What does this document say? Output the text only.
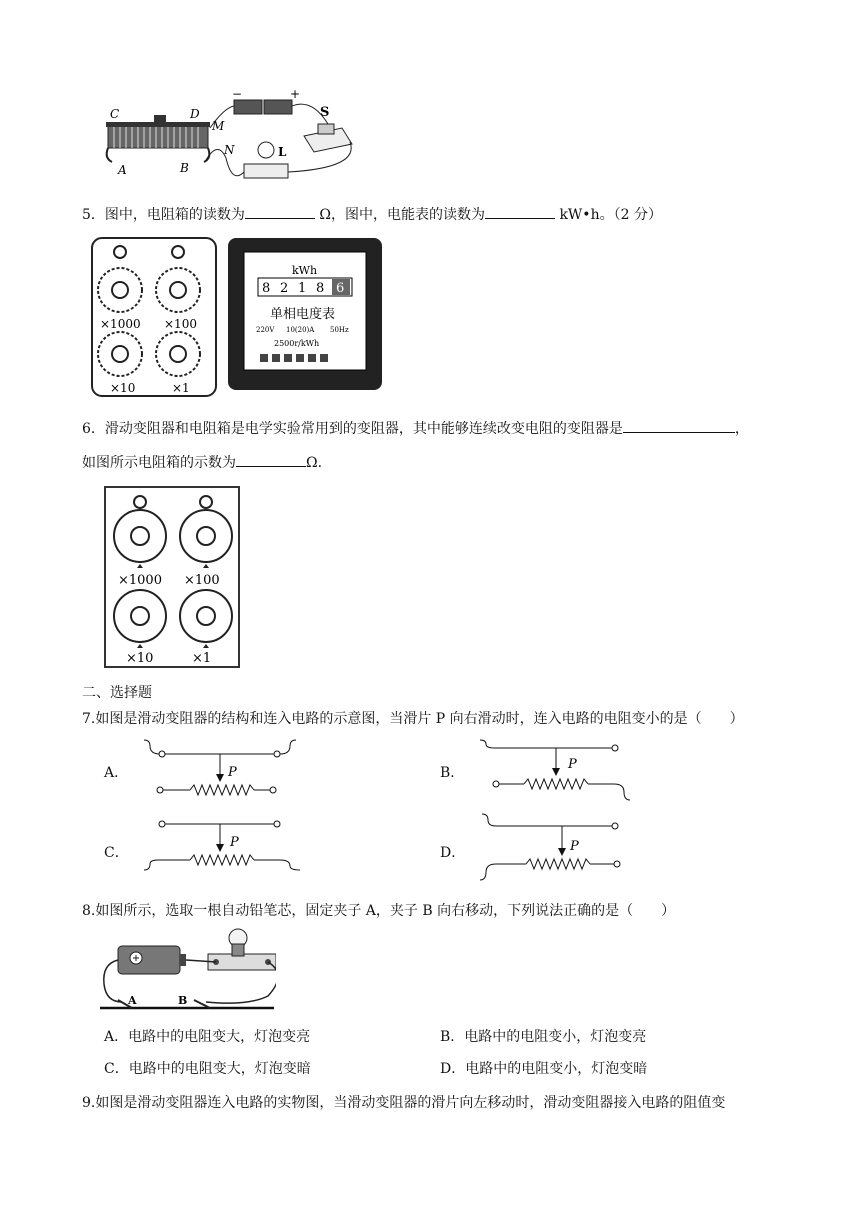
C	D
M
A	B
N
−	+
S
L
5．图中，电阻箱的读数为	Ω，图中，电能表的读数为	kW•h。（2 分）
×1000 ×100
×10	×1
kWh
8 2 1 8 6
单相电度表
220V 10(20)A 50Hz
2500r/kWh
6．滑动变阻器和电阻箱是电学实验常用到的变阻器，其中能够连续改变电阻的变阻器是	，
如图所示电阻箱的示数为	Ω.
×1000 ×100
×10	×1
二、选择题
7.如图是滑动变阻器的结构和连入电路的示意图，当滑片 P 向右滑动时，连入电路的电阻变小的是（　　）
A．	P	B．
P
C．
P
D．	P
8.如图所示，选取一根自动铅笔芯，固定夹子 A，夹子 B 向右移动，下列说法正确的是（　　）
A	B
A．电路中的电阻变大，灯泡变亮	B．电路中的电阻变小，灯泡变亮
C．电路中的电阻变大，灯泡变暗	D．电路中的电阻变小，灯泡变暗
9.如图是滑动变阻器连入电路的实物图，当滑动变阻器的滑片向左移动时，滑动变阻器接入电路的阻值变
